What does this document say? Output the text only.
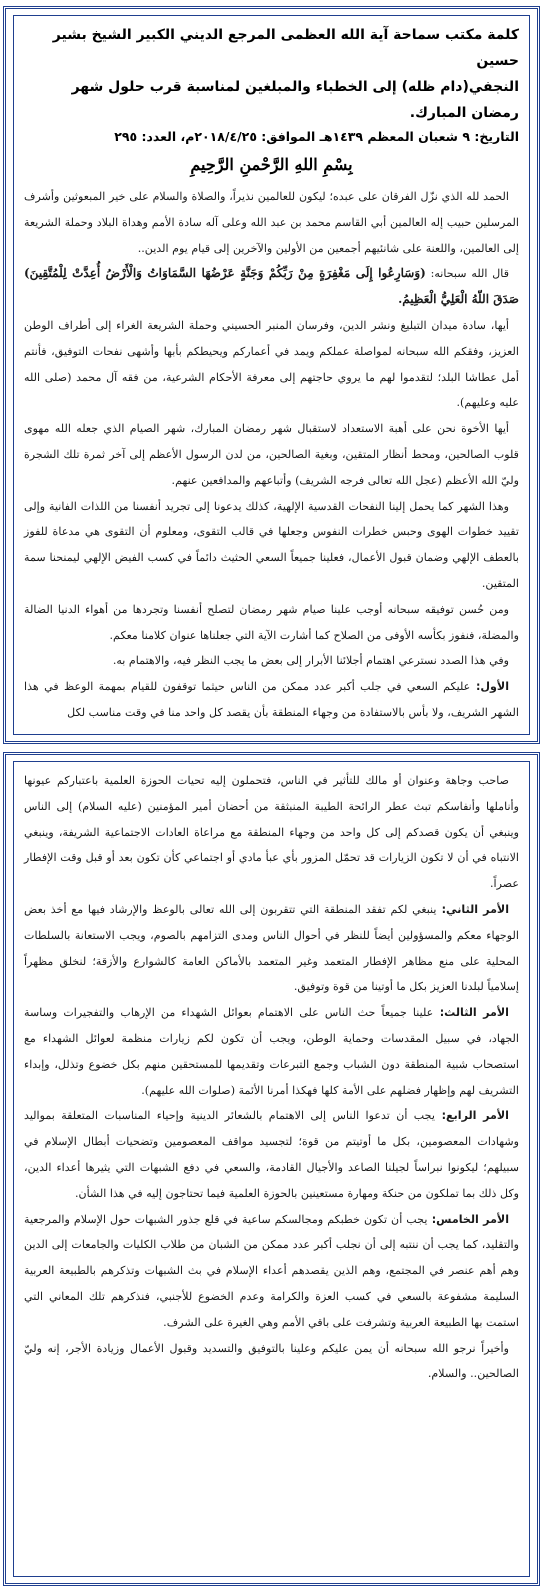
كلمة مكتب سماحة آية الله العظمى المرجع الديني الكبير الشيخ بشير حسين

النجفي(دام ظله) إلى الخطباء والمبلغين لمناسبة قرب حلول شهر رمضان المبارك.

التاريخ: ٩ شعبان المعظم ١٤٣٩هـ الموافق: ٢٠١٨/٤/٢٥م، العدد: ٢٩٥

بِسْمِ اللهِ الرَّحْمنِ الرَّحِيمِ

الحمد لله الذي نزّل الفرقان على عبده؛ ليكون للعالمين نذيراً، والصلاة والسلام على خير المبعوثين وأشرف المرسلين حبيب إله العالمين أبي القاسم محمد بن عبد الله وعلى آله سادة الأمم وهداة البلاد وحملة الشريعة إلى العالمين، واللعنة على شانئيهم أجمعين من الأولين والآخرين إلى قيام يوم الدين..

قال الله سبحانه: (وَسَارِعُوا إِلَى مَغْفِرَةٍ مِنْ رَبِّكُمْ وَجَنَّةٍ عَرْضُهَا السَّمَاوَاتُ وَالْأَرْضُ أُعِدَّتْ لِلْمُتَّقِينَ) صَدَقَ اللّهُ الْعَلِيُّ الْعَظِيمُ.

أيها، سادة ميدان التبليغ ونشر الدين، وفرسان المنبر الحسيني وحملة الشريعة الغراء إلى أطراف الوطن العزيز، وفقكم الله سبحانه لمواصلة عملكم ويمد في أعماركم ويحيطكم بأبها وأشهى نفحات التوفيق، فأنتم أمل عطاشا البلد؛ لتقدموا لهم ما يروي حاجتهم إلى معرفة الأحكام الشرعية، من فقه آل محمد (صلى الله عليه وعليهم).

أيها الأخوة نحن على أهبة الاستعداد لاستقبال شهر رمضان المبارك، شهر الصيام الذي جعله الله مهوى قلوب الصالحين، ومحط أنظار المتقين، وبغية الصالحين، من لدن الرسول الأعظم إلى آخر ثمرة تلك الشجرة وليّ الله الأعظم (عجل الله تعالى فرجه الشريف) وأتباعهم والمدافعين عنهم.

وهذا الشهر كما يحمل إلينا النفحات القدسية الإلهية، كذلك يدعونا إلى تجريد أنفسنا من اللذات الفانية وإلى تقييد خطوات الهوى وحبس خطرات النفوس وجعلها في قالب التقوى، ومعلوم أن التقوى هي مدعاة للفوز بالعطف الإلهي وضمان قبول الأعمال، فعلينا جميعاً السعي الحثيث دائماً في كسب الفيض الإلهي ليمنحنا سمة المتقين.

ومن حُسن توفيقه سبحانه أوجب علينا صيام شهر رمضان لتصلح أنفسنا وتجردها من أهواء الدنيا الضالة والمضلة، فنفوز بكأسه الأوفى من الصلاح كما أشارت الآية التي جعلناها عنوان كلامنا معكم.

وفي هذا الصدد نسترعي اهتمام أجلائنا الأبرار إلى بعض ما يجب النظر فيه، والاهتمام به.

الأول: عليكم السعي في جلب أكبر عدد ممكن من الناس حيثما توقفون للقيام بمهمة الوعظ في هذا الشهر الشريف، ولا بأس بالاستفادة من وجهاء المنطقة بأن يقصد كل واحد منا في وقت مناسب لكل

صاحب وجاهة وعنوان أو مالك للتأثير في الناس، فتحملون إليه تحيات الحوزة العلمية باعتباركم عيونها وأناملها وأنفاسكم تبث عطر الرائحة الطيبة المنبثقة من أحضان أمير المؤمنين (عليه السلام) إلى الناس وينبغي أن يكون قصدكم إلى كل واحد من وجهاء المنطقة مع مراعاة العادات الاجتماعية الشريفة، وينبغي الانتباه في أن لا تكون الزيارات قد تحمّل المزور بأي عبأ مادي أو اجتماعي كأن تكون بعد أو قبل وقت الإفطار عصراً.

الأمر الثاني: ينبغي لكم تفقد المنطقة التي تتقربون إلى الله تعالى بالوعظ والإرشاد فيها مع أخذ بعض الوجهاء معكم والمسؤولين أيضاً للنظر في أحوال الناس ومدى التزامهم بالصوم، ويجب الاستعانة بالسلطات المحلية على منع مظاهر الإفطار المتعمد وغير المتعمد بالأماكن العامة كالشوارع والأزقة؛ لنخلق مظهراً إسلامياً لبلدنا العزيز بكل ما أوتينا من قوة وتوفيق.

الأمر الثالث: علينا جميعاً حث الناس على الاهتمام بعوائل الشهداء من الإرهاب والتفجيرات وساسة الجهاد، في سبيل المقدسات وحماية الوطن، ويجب أن تكون لكم زيارات منظمة لعوائل الشهداء مع استصحاب شبية المنطقة دون الشباب وجمع التبرعات وتقديمها للمستحقين منهم بكل خضوع وتذلل، وإبداء التشريف لهم وإظهار فضلهم على الأمة كلها فهكذا أمرنا الأئمة (صلوات الله عليهم).

الأمر الرابع: يجب أن تدعوا الناس إلى الاهتمام بالشعائر الدينية وإحياء المناسبات المتعلقة بمواليد وشهادات المعصومين، بكل ما أوتيتم من قوة؛ لتجسيد مواقف المعصومين وتضحيات أبطال الإسلام في سبيلهم؛ ليكونوا نبراساً لجيلنا الصاعد والأجيال القادمة، والسعي في دفع الشبهات التي يثيرها أعداء الدين، وكل ذلك بما تملكون من حنكة ومهارة مستعينين بالحوزة العلمية فيما تحتاجون إليه في هذا الشأن.

الأمر الخامس: يجب أن تكون خطبكم ومجالسكم ساعية في قلع جذور الشبهات حول الإسلام والمرجعية والتقليد، كما يجب أن ننتبه إلى أن نجلب أكبر عدد ممكن من الشبان من طلاب الكليات والجامعات إلى الدين وهم أهم عنصر في المجتمع، وهم الذين يقصدهم أعداء الإسلام في بث الشبهات وتذكرهم بالطبيعة العربية السليمة مشفوعة بالسعي في كسب العزة والكرامة وعدم الخضوع للأجنبي، فنذكرهم تلك المعاني التي استمت بها الطبيعة العربية وتشرفت على باقي الأمم وهي الغيرة على الشرف.

وأخيراً نرجو الله سبحانه أن يمن عليكم وعلينا بالتوفيق والتسديد وقبول الأعمال وزيادة الأجر، إنه وليّ الصالحين.. والسلام.
